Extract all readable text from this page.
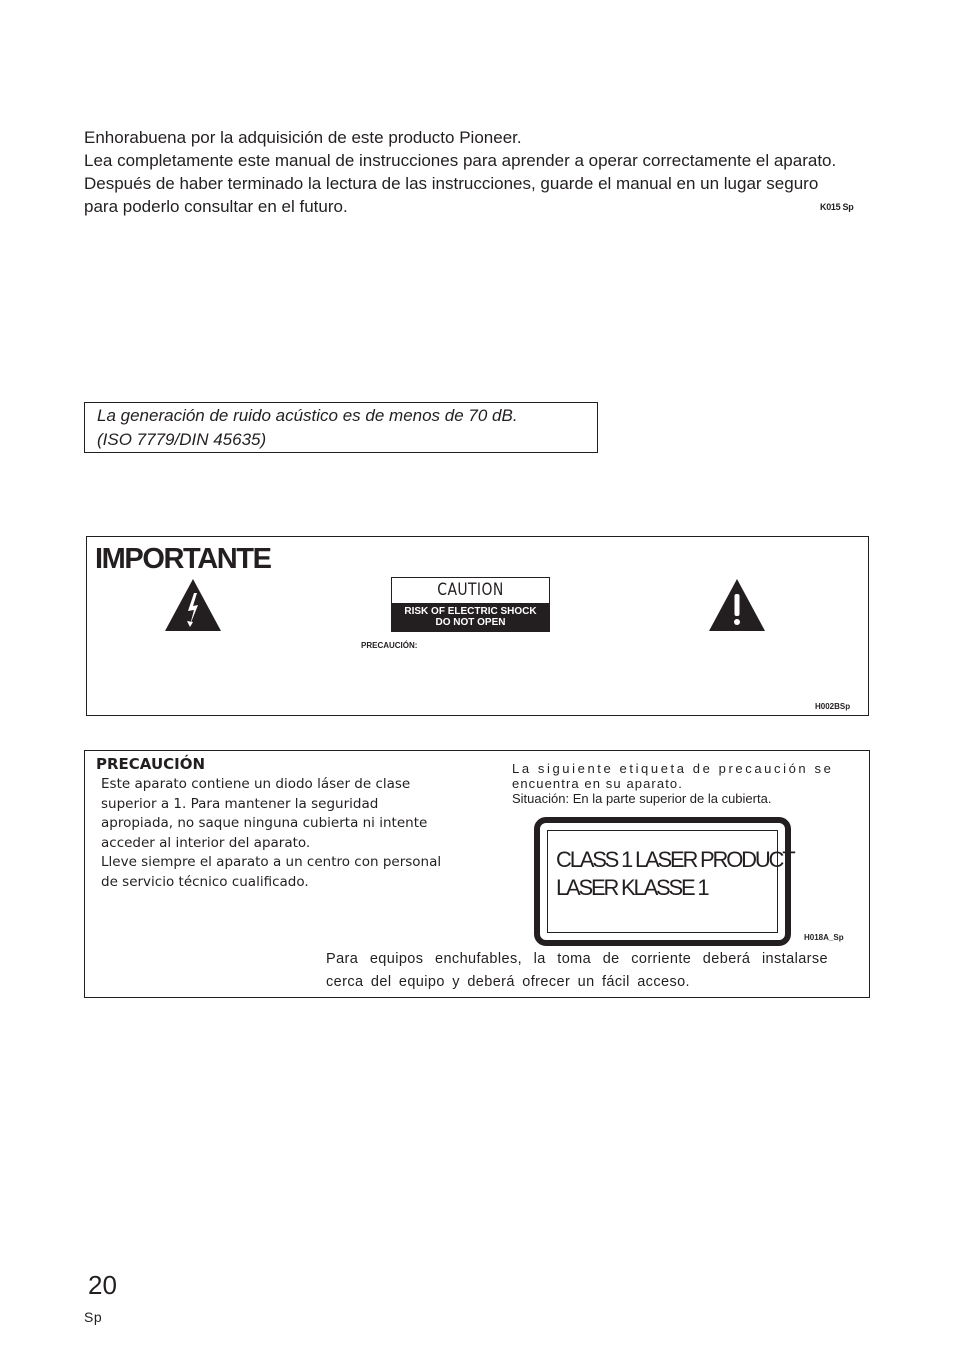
Enhorabuena por la adquisición de este producto Pioneer.

Lea completamente este manual de instrucciones para aprender a operar correctamente el aparato.

Después de haber terminado la lectura de las instrucciones, guarde el manual en un lugar seguro

para poderlo consultar en el futuro.	K015 Sp

La generación de ruido acústico es de menos de 70 dB.

(ISO 7779/DIN 45635)

IMPORTANTE
CAUTION
RISK OF ELECTRIC SHOCK
DO NOT OPEN
PRECAUCIÓN:
H002BSp
PRECAUCIÓN

Este aparato contiene un diodo láser de clase

superior a 1. Para mantener la seguridad

apropiada, no saque ninguna cubierta ni intente

acceder al interior del aparato.

Lleve siempre el aparato a un centro con personal

de servicio técnico cualificado.

La siguiente etiqueta de precaución se

encuentra en su aparato.

Situación: En la parte superior de la cubierta.

CLASS 1 LASER PRODUCT

LASER KLASSE 1

H018A_Sp

Para equipos enchufables, la toma de corriente deberá instalarse

cerca del equipo y deberá ofrecer un fácil acceso.

20

Sp
